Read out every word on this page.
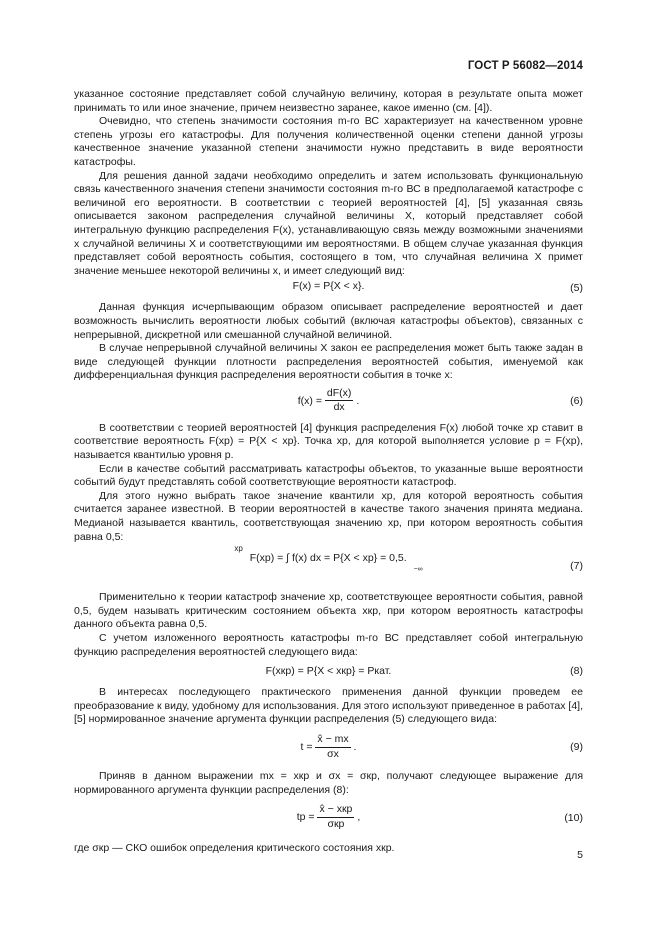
ГОСТ Р 56082—2014

указанное состояние представляет собой случайную величину, которая в результате опыта может принимать то или иное значение, причем неизвестно заранее, какое именно (см. [4]).

Очевидно, что степень значимости состояния m-го ВС характеризует на качественном уровне степень угрозы его катастрофы. Для получения количественной оценки степени данной угрозы качественное значение указанной степени значимости нужно представить в виде вероятности катастрофы.

Для решения данной задачи необходимо определить и затем использовать функциональную связь качественного значения степени значимости состояния m-го ВС в предполагаемой катастрофе с величиной его вероятности. В соответствии с теорией вероятностей [4], [5] указанная связь описывается законом распределения случайной величины X, который представляет собой интегральную функцию распределения F(x), устанавливающую связь между возможными значениями x случайной величины X и соответствующими им вероятностями. В общем случае указанная функция представляет собой вероятность события, состоящего в том, что случайная величина X примет значение меньшее некоторой величины x, и имеет следующий вид:

F(x) = P{X < x}.	(5)

Данная функция исчерпывающим образом описывает распределение вероятностей и дает возможность вычислить вероятности любых событий (включая катастрофы объектов), связанных с непрерывной, дискретной или смешанной случайной величиной.

В случае непрерывной случайной величины X закон ее распределения может быть также задан в виде следующей функции плотности распределения вероятностей события, именуемой как дифференциальная функция распределения вероятности события в точке x:

$f(x) = \frac{dF(x)}{dx}$ .	(6)

В соответствии с теорией вероятностей [4] функция распределения F(x) любой точке xp ставит в соответствие вероятность F(xp) = P{X < xp}. Точка xp, для которой выполняется условие p = F(xp), называется квантилью уровня p.

Если в качестве событий рассматривать катастрофы объектов, то указанные выше вероятности событий будут представлять собой соответствующие вероятности катастроф.

Для этого нужно выбрать такое значение квантили xp, для которой вероятность события считается заранее известной. В теории вероятностей в качестве такого значения принята медиана. Медианой называется квантиль, соответствующая значению xp, при котором вероятность события равна 0,5:

$^{xp}$ F(xp) = ∫ f(x) dx = P{X < xp} = 0,5. $_{-\infty}$	(7)

Применительно к теории катастроф значение xp, соответствующее вероятности события, равной 0,5, будем называть критическим состоянием объекта xкр, при котором вероятность катастрофы данного объекта равна 0,5.

С учетом изложенного вероятность катастрофы m-го ВС представляет собой интегральную функцию распределения вероятностей следующего вида:

F(xкр) = P{X < xкр} = Pкат.	(8)

В интересах последующего практического применения данной функции проведем ее преобразование к виду, удобному для использования. Для этого используют приведенное в работах [4], [5] нормированное значение аргумента функции распределения (5) следующего вида:

$t = \frac{x̂ - mx}{\sigma x}$ .	(9)

Приняв в данном выражении mx = xкр и σx = σкр, получают следующее выражение для нормированного аргумента функции распределения (8):

tp = $\frac{\text{x̂ − xкр}}{\text{σкр}}$ ,	(10)

где σкр — СКО ошибок определения критического состояния xкр.

5
